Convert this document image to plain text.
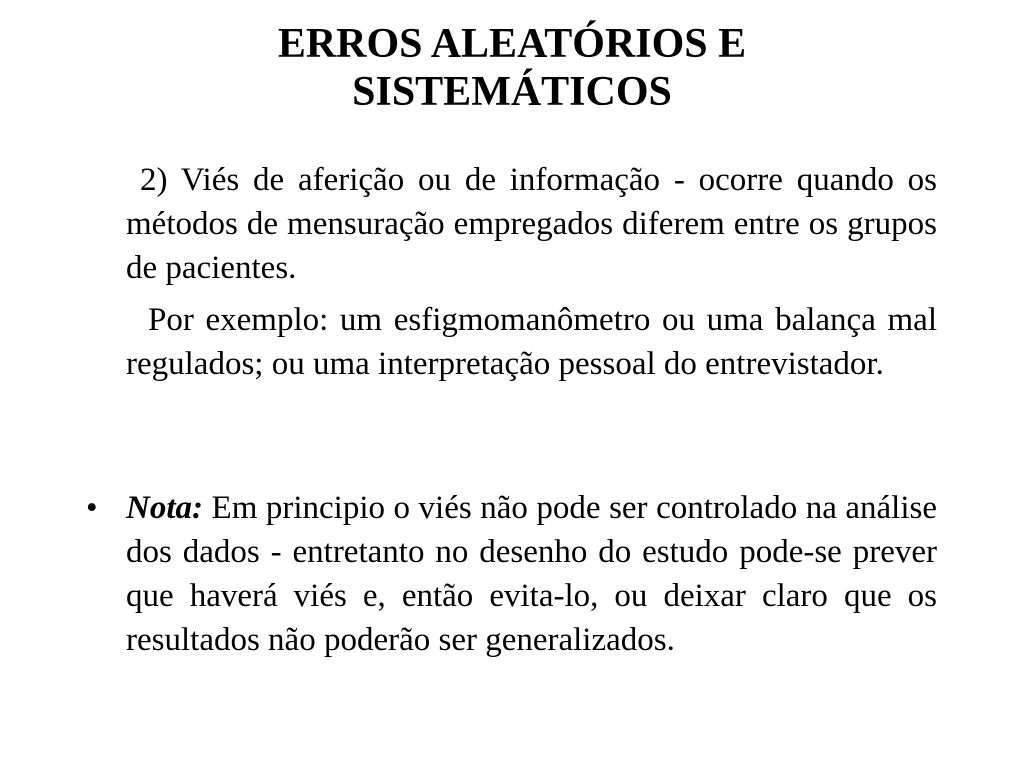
ERROS ALEATÓRIOS E
SISTEMÁTICOS

2) Viés de aferição ou de informação - ocorre quando os métodos de mensuração empregados diferem entre os grupos de pacientes.

Por exemplo: um esfigmomanômetro ou uma balança mal regulados; ou uma interpretação pessoal do entrevistador.

• Nota: Em principio o viés não pode ser controlado na análise dos dados - entretanto no desenho do estudo pode-se prever que haverá viés e, então evita-lo, ou deixar claro que os resultados não poderão ser generalizados.
